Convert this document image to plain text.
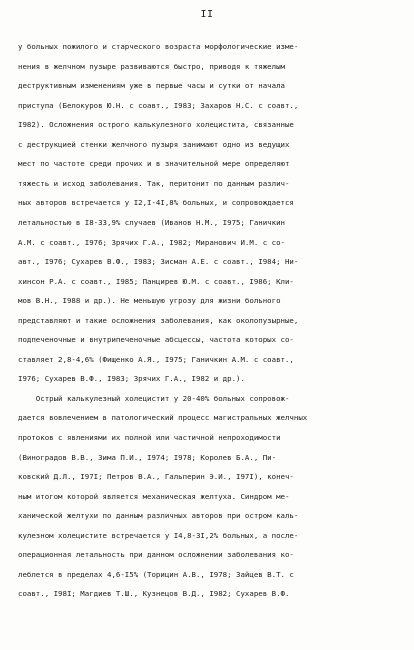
II
у больных пожилого и старческого возраста морфологические изме-
нения в желчном пузыре развиваются быстро, приводя к тяжелым
деструктивным изменениям уже в первые часы и сутки от начала
приступа (Белокуров Ю.Н. с соавт., I983; Захаров Н.С. с соавт.,
I982). Осложнения острого калькулезного холецистита, связанные
с деструкцией стенки желчного пузыря занимают одно из ведущих
мест по частоте среди прочих и в значительной мере определяют
тяжесть и исход заболевания. Так, перитонит по данным различ-
ных авторов встречается у I2,I-4I,8% больных, и сопровождается
летальностью в I8-33,9% случаев (Иванов Н.М., I975; Ганичкин
А.М. с соавт., I976; Зрячих Г.А., I982; Миранович И.М. с со-
авт., I976; Сухарев В.Ф., I983; Зисман А.Е. с соавт., I984; Ни-
хинсон Р.А. с соавт., I985; Панцирев Ю.М. с соавт., I986; Кли-
мов В.Н., I988 и др.). Не меньшую угрозу для жизни больного
представляют и такие осложнения заболевания, как околопузырные,
подпеченочные и внутрипеченочные абсцессы, частота которых со-
ставляет 2,8-4,6% (Фищенко А.Я., I975; Ганичкин А.М. с соавт.,
I976; Сухарев В.Ф., I983; Зрячих Г.А., I982 и др.).
Острый калькулезный холецистит у 20-40% больных сопровож-
дается вовлечением в патологический процесс магистральных желчных
протоков с явлениями их полной или частичной непроходимости
(Виноградов В.В., Зима П.И., I974; I978; Королев Б.А., Пи-
ковский Д.Л., I97I; Петров В.А., Гальперин Э.И., I97I), конеч-
ным итогом которой является механическая желтуха. Синдром ме-
ханической желтухи по данным различных авторов при остром каль-
кулезном холецистите встречается у I4,8-3I,2% больных, а после-
операционная летальность при данном осложнении заболевания ко-
леблется в пределах 4,6-I5% (Торицин А.В., I978; Зайцев В.Т. с
соавт., I98I; Магдиев Т.Ш., Кузнецов В.Д., I982; Сухарев В.Ф.
